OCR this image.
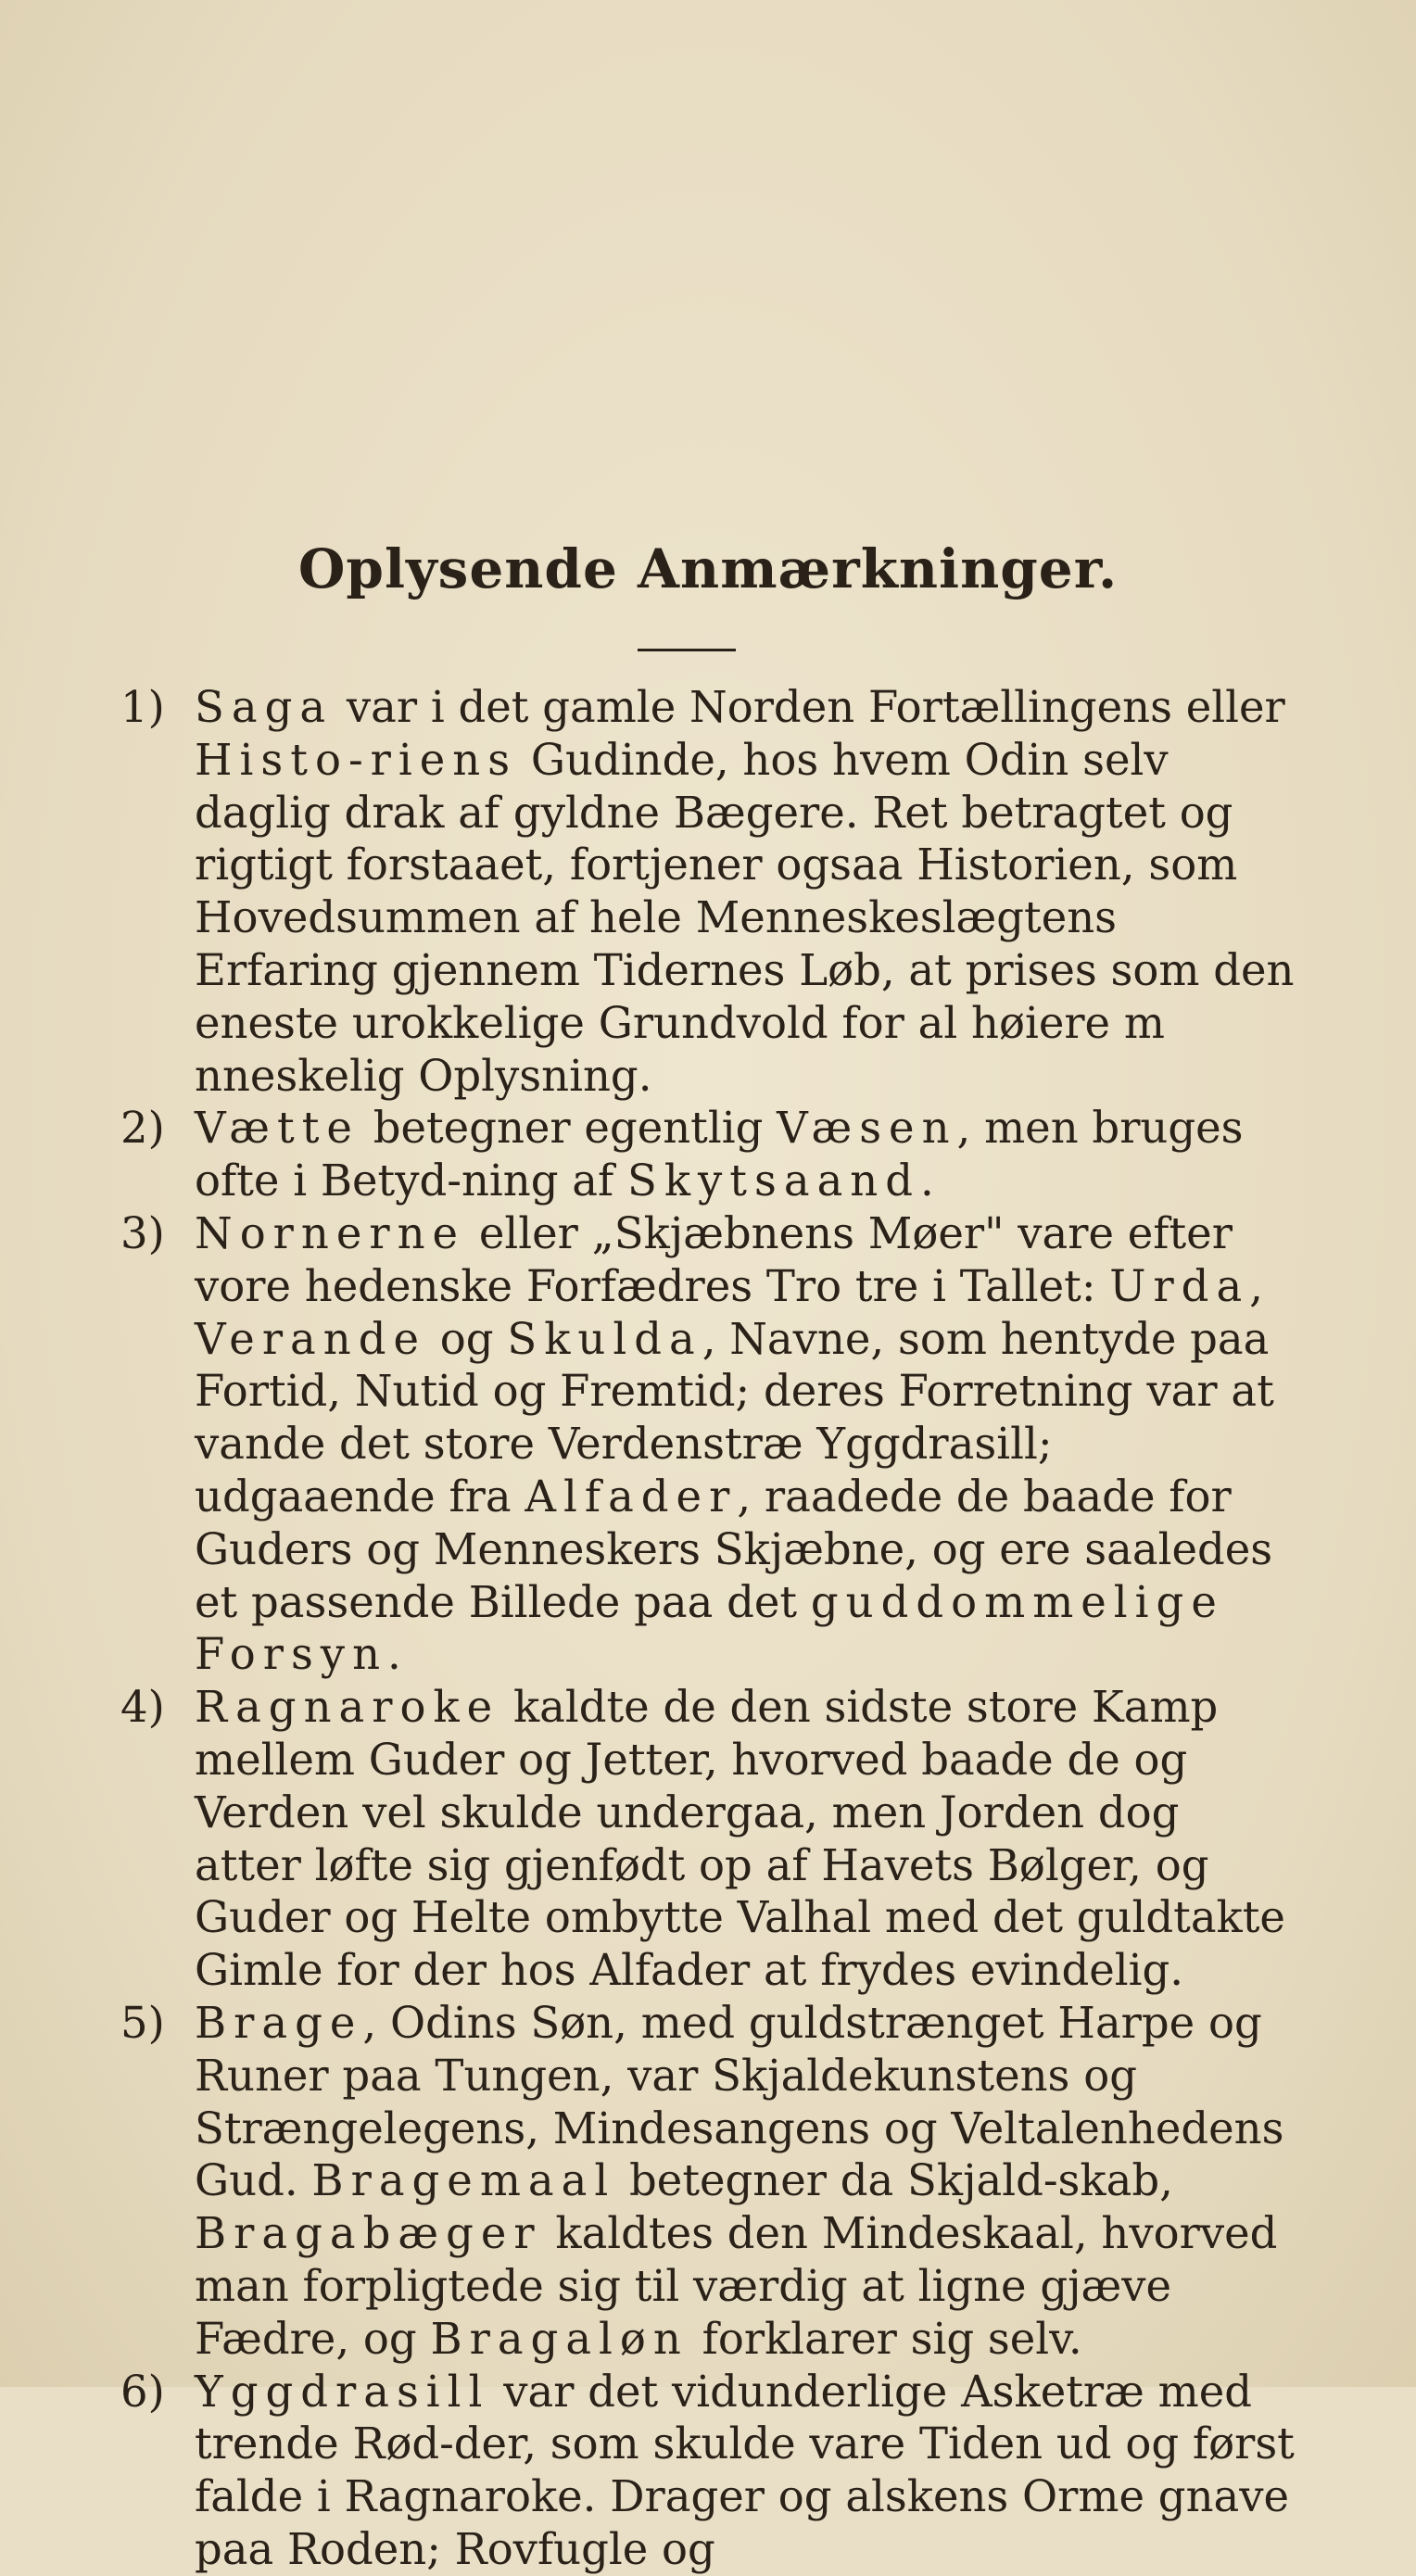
Oplysende Anmærkninger.

1) Saga var i det gamle Norden Fortællingens eller Histo-riens Gudinde, hos hvem Odin selv daglig drak af gyldne Bægere. Ret betragtet og rigtigt forstaaet, fortjener ogsaa Historien, som Hovedsummen af hele Menneskeslægtens Erfaring gjennem Tidernes Løb, at prises som den eneste urokkelige Grundvold for al høiere m nneskelig Oplysning.

2) Vætte betegner egentlig Væsen, men bruges ofte i Betyd-ning af Skytsaand.

3) Nornerne eller „Skjæbnens Møer" vare efter vore hedenske Forfædres Tro tre i Tallet: Urda, Verande og Skulda, Navne, som hentyde paa Fortid, Nutid og Fremtid; deres Forretning var at vande det store Verdenstræ Yggdrasill; udgaaende fra Alfader, raadede de baade for Guders og Menneskers Skjæbne, og ere saaledes et passende Billede paa det guddommelige Forsyn.

4) Ragnaroke kaldte de den sidste store Kamp mellem Guder og Jetter, hvorved baade de og Verden vel skulde undergaa, men Jorden dog atter løfte sig gjenfødt op af Havets Bølger, og Guder og Helte ombytte Valhal med det guldtakte Gimle for der hos Alfader at frydes evindelig.

5) Brage, Odins Søn, med guldstrænget Harpe og Runer paa Tungen, var Skjaldekunstens og Strængelegens, Mindesangens og Veltalenhedens Gud. Bragemaal betegner da Skjald-skab, Bragabæger kaldtes den Mindeskaal, hvorved man forpligtede sig til værdig at ligne gjæve Fædre, og Bragaløn forklarer sig selv.

6) Yggdrasill var det vidunderlige Asketræ med trende Rød-der, som skulde vare Tiden ud og først falde i Ragnaroke. Drager og alskens Orme gnave paa Roden; Rovfugle og
